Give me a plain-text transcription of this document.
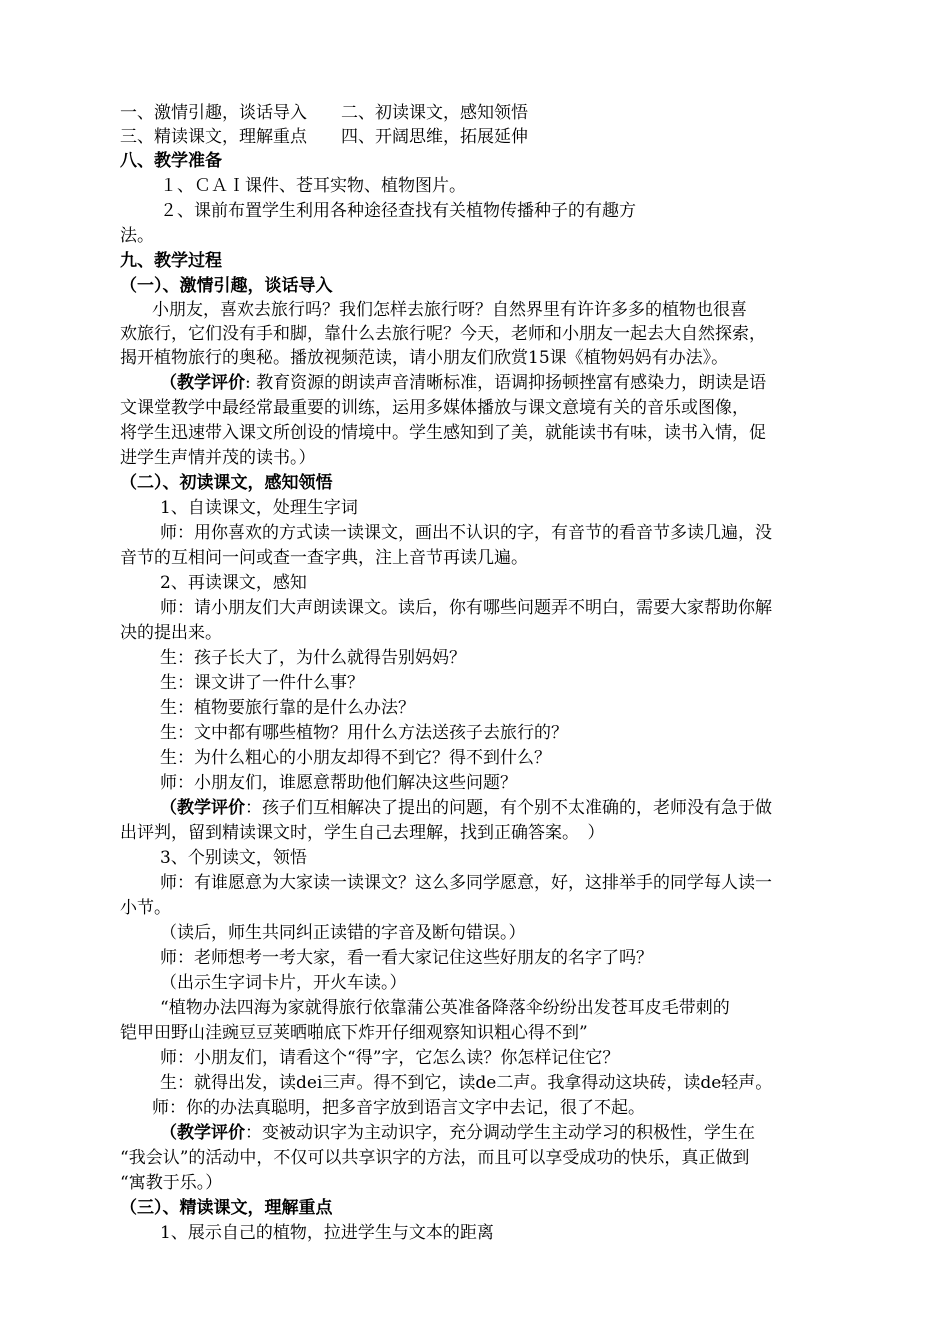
一、激情引趣，谈话导入　　二、初读课文，感知领悟
三、精读课文，理解重点　　四、开阔思维，拓展延伸
八、教学准备
１、ＣＡＩ课件、苍耳实物、植物图片。
２、课前布置学生利用各种途径查找有关植物传播种子的有趣方
法。
九、教学过程
（一）、激情引趣，谈话导入
小朋友，喜欢去旅行吗？我们怎样去旅行呀？自然界里有许许多多的植物也很喜
欢旅行，它们没有手和脚，靠什么去旅行呢？今天，老师和小朋友一起去大自然探索，
揭开植物旅行的奥秘。播放视频范读，请小朋友们欣赏15课《植物妈妈有办法》。
（教学评价: 教育资源的朗读声音清晰标准，语调抑扬顿挫富有感染力，朗读是语
文课堂教学中最经常最重要的训练，运用多媒体播放与课文意境有关的音乐或图像，
将学生迅速带入课文所创设的情境中。学生感知到了美，就能读书有味，读书入情，促
进学生声情并茂的读书。）
（二）、初读课文，感知领悟
1、自读课文，处理生字词
师：用你喜欢的方式读一读课文，画出不认识的字，有音节的看音节多读几遍，没
音节的互相问一问或查一查字典，注上音节再读几遍。
2、再读课文，感知
师：请小朋友们大声朗读课文。读后，你有哪些问题弄不明白，需要大家帮助你解
决的提出来。
生：孩子长大了，为什么就得告别妈妈？
生：课文讲了一件什么事？
生：植物要旅行靠的是什么办法？
生：文中都有哪些植物？用什么方法送孩子去旅行的？
生：为什么粗心的小朋友却得不到它？得不到什么？
师：小朋友们，谁愿意帮助他们解决这些问题？
（教学评价：孩子们互相解决了提出的问题，有个别不太准确的，老师没有急于做
出评判，留到精读课文时，学生自己去理解，找到正确答案。　）
3、个别读文，领悟
师：有谁愿意为大家读一读课文？这么多同学愿意，好，这排举手的同学每人读一
小节。
（读后，师生共同纠正读错的字音及断句错误。）
师：老师想考一考大家，看一看大家记住这些好朋友的名字了吗？
（出示生字词卡片，开火车读。）
“植物办法四海为家就得旅行依靠蒲公英准备降落伞纷纷出发苍耳皮毛带刺的
铠甲田野山洼豌豆豆荚晒啪底下炸开仔细观察知识粗心得不到”
师：小朋友们，请看这个“得”字，它怎么读？你怎样记住它？
生：就得出发，读dei三声。得不到它，读de二声。我拿得动这块砖，读de轻声。
师：你的办法真聪明，把多音字放到语言文字中去记，很了不起。
（教学评价：变被动识字为主动识字，充分调动学生主动学习的积极性，学生在
“我会认”的活动中，不仅可以共享识字的方法，而且可以享受成功的快乐，真正做到
“寓教于乐。）
（三）、精读课文，理解重点
1、展示自己的植物，拉进学生与文本的距离
